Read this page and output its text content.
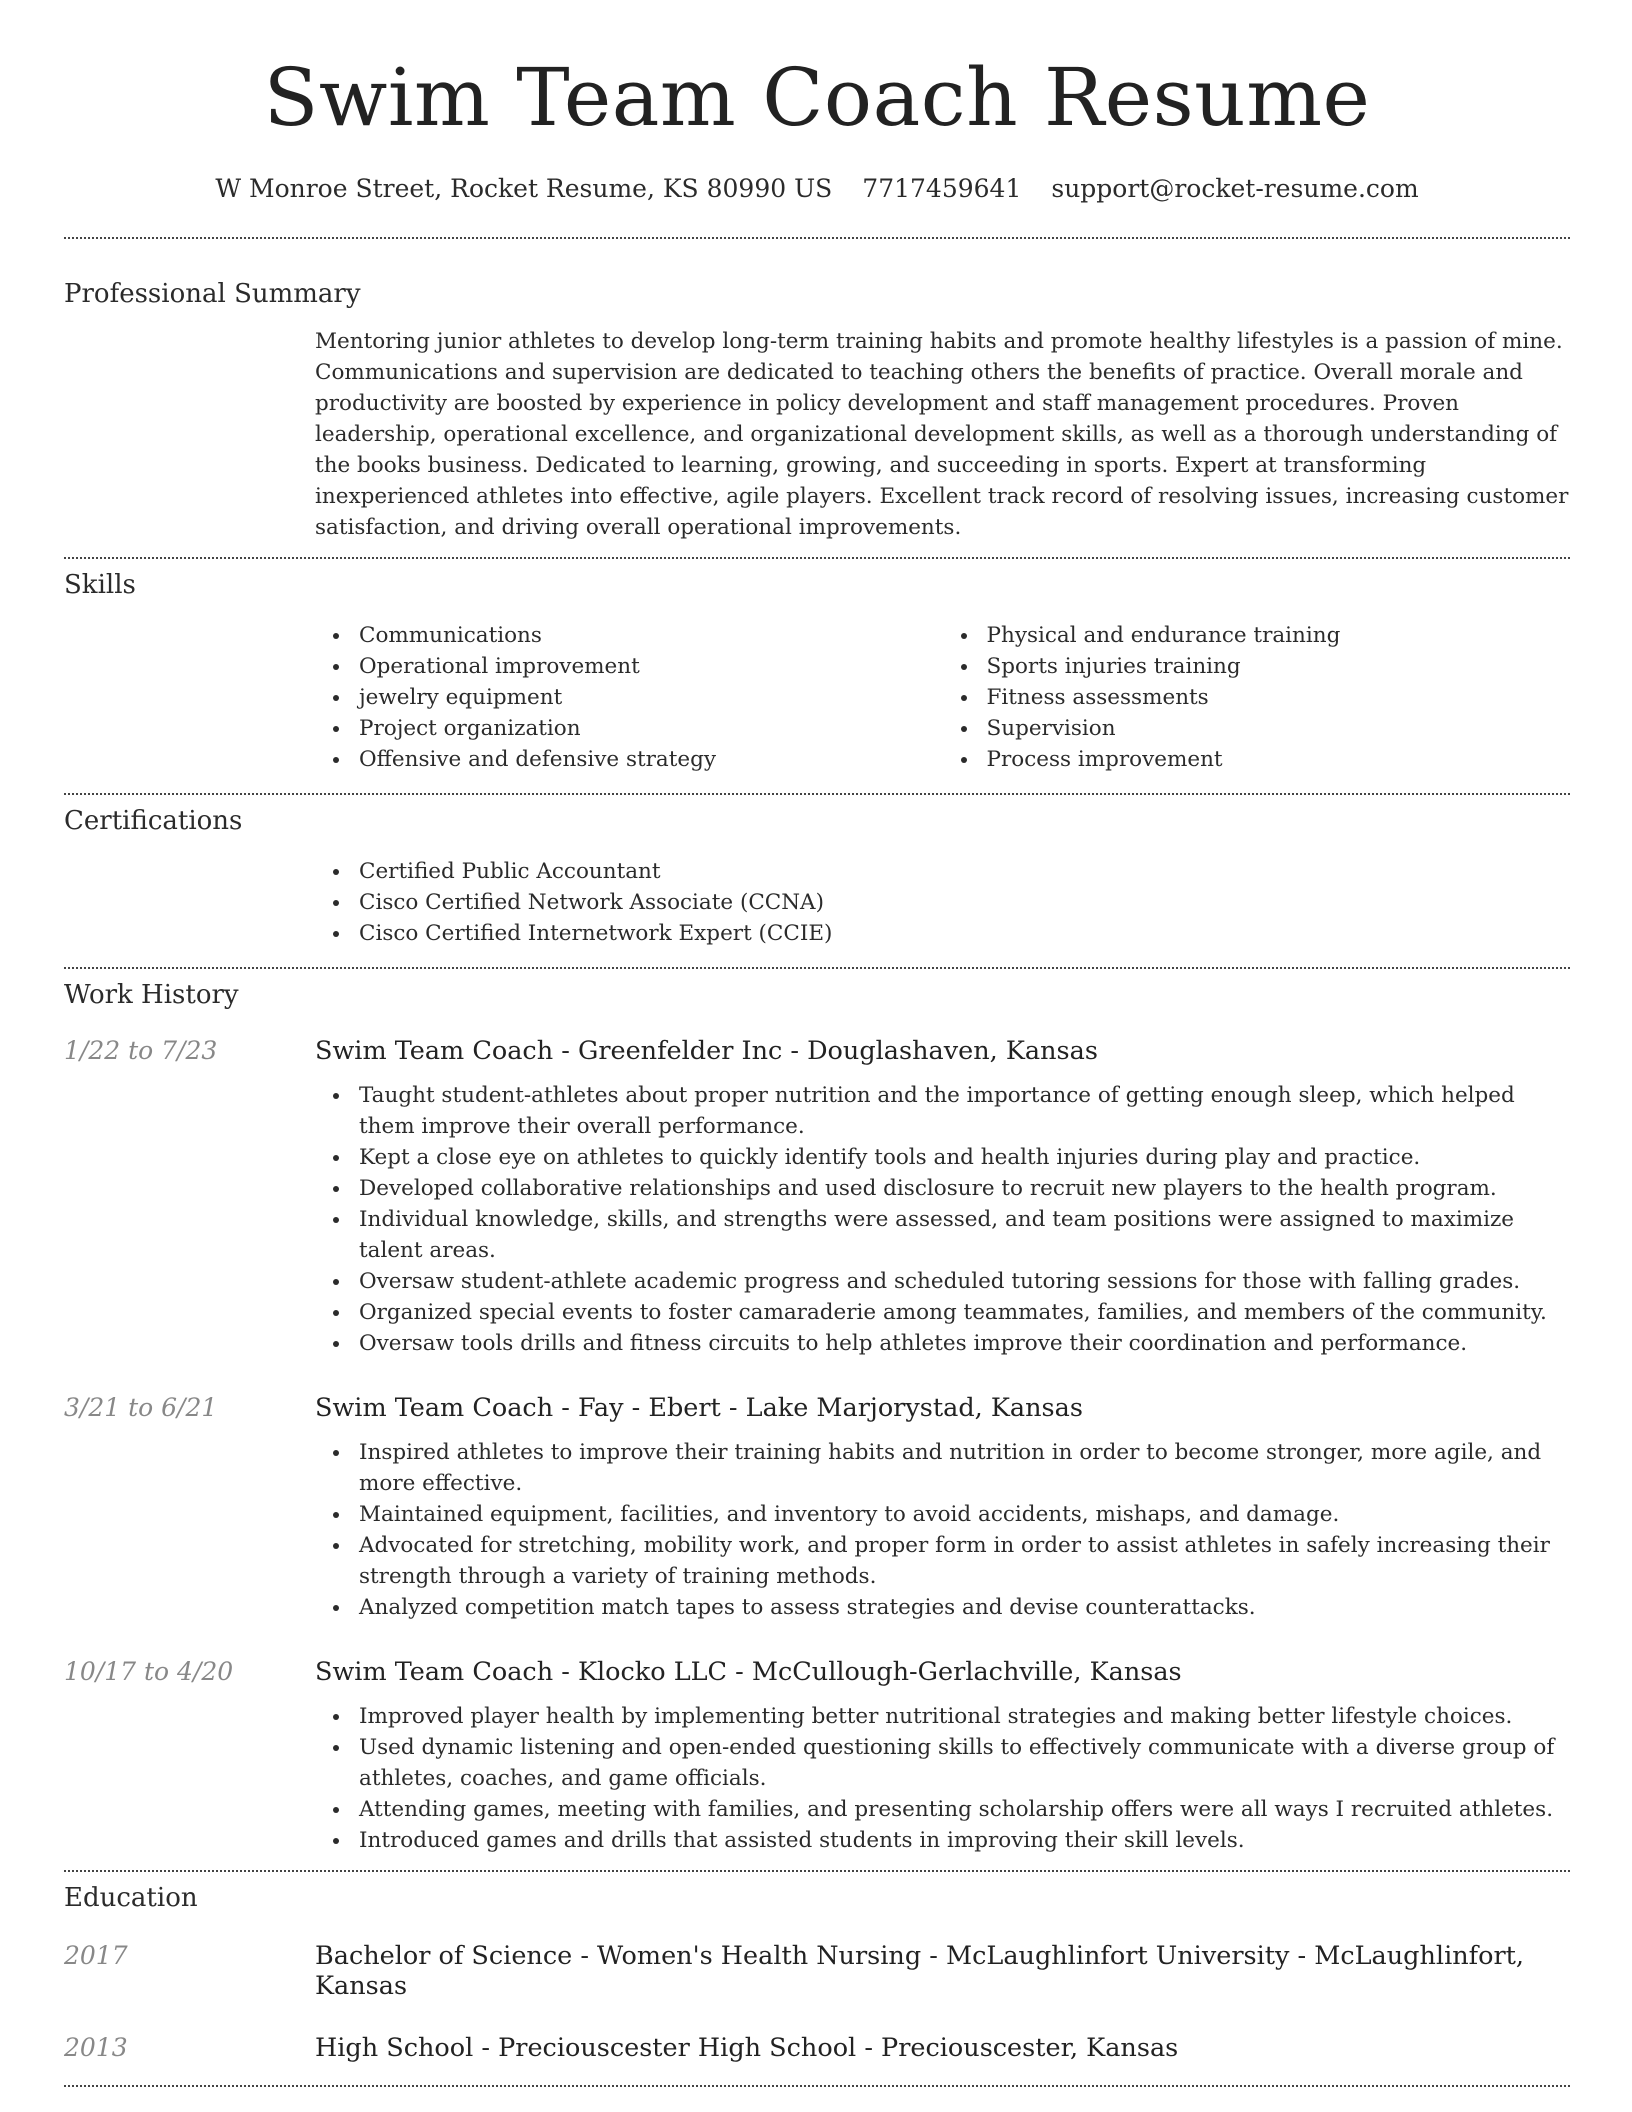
Swim Team Coach Resume
W Monroe Street, Rocket Resume, KS 80990 US 7717459641 support@rocket-resume.com
Professional Summary
Mentoring junior athletes to develop long-term training habits and promote healthy lifestyles is a passion of mine. Communications and supervision are dedicated to teaching others the benefits of practice. Overall morale and productivity are boosted by experience in policy development and staff management procedures. Proven leadership, operational excellence, and organizational development skills, as well as a thorough understanding of the books business. Dedicated to learning, growing, and succeeding in sports. Expert at transforming inexperienced athletes into effective, agile players. Excellent track record of resolving issues, increasing customer satisfaction, and driving overall operational improvements.
Skills
Communications
Operational improvement
jewelry equipment
Project organization
Offensive and defensive strategy
Physical and endurance training
Sports injuries training
Fitness assessments
Supervision
Process improvement
Certifications
Certified Public Accountant
Cisco Certified Network Associate (CCNA)
Cisco Certified Internetwork Expert (CCIE)
Work History
1/22 to 7/23	Swim Team Coach - Greenfelder Inc - Douglashaven, Kansas
Taught student-athletes about proper nutrition and the importance of getting enough sleep, which helped them improve their overall performance.
Kept a close eye on athletes to quickly identify tools and health injuries during play and practice.
Developed collaborative relationships and used disclosure to recruit new players to the health program.
Individual knowledge, skills, and strengths were assessed, and team positions were assigned to maximize talent areas.
Oversaw student-athlete academic progress and scheduled tutoring sessions for those with falling grades.
Organized special events to foster camaraderie among teammates, families, and members of the community.
Oversaw tools drills and fitness circuits to help athletes improve their coordination and performance.
3/21 to 6/21	Swim Team Coach - Fay - Ebert - Lake Marjorystad, Kansas
Inspired athletes to improve their training habits and nutrition in order to become stronger, more agile, and more effective.
Maintained equipment, facilities, and inventory to avoid accidents, mishaps, and damage.
Advocated for stretching, mobility work, and proper form in order to assist athletes in safely increasing their strength through a variety of training methods.
Analyzed competition match tapes to assess strategies and devise counterattacks.
10/17 to 4/20	Swim Team Coach - Klocko LLC - McCullough-Gerlachville, Kansas
Improved player health by implementing better nutritional strategies and making better lifestyle choices.
Used dynamic listening and open-ended questioning skills to effectively communicate with a diverse group of athletes, coaches, and game officials.
Attending games, meeting with families, and presenting scholarship offers were all ways I recruited athletes.
Introduced games and drills that assisted students in improving their skill levels.
Education
2017	Bachelor of Science - Women's Health Nursing - McLaughlinfort University - McLaughlinfort, Kansas
2013	High School - Preciouscester High School - Preciouscester, Kansas
